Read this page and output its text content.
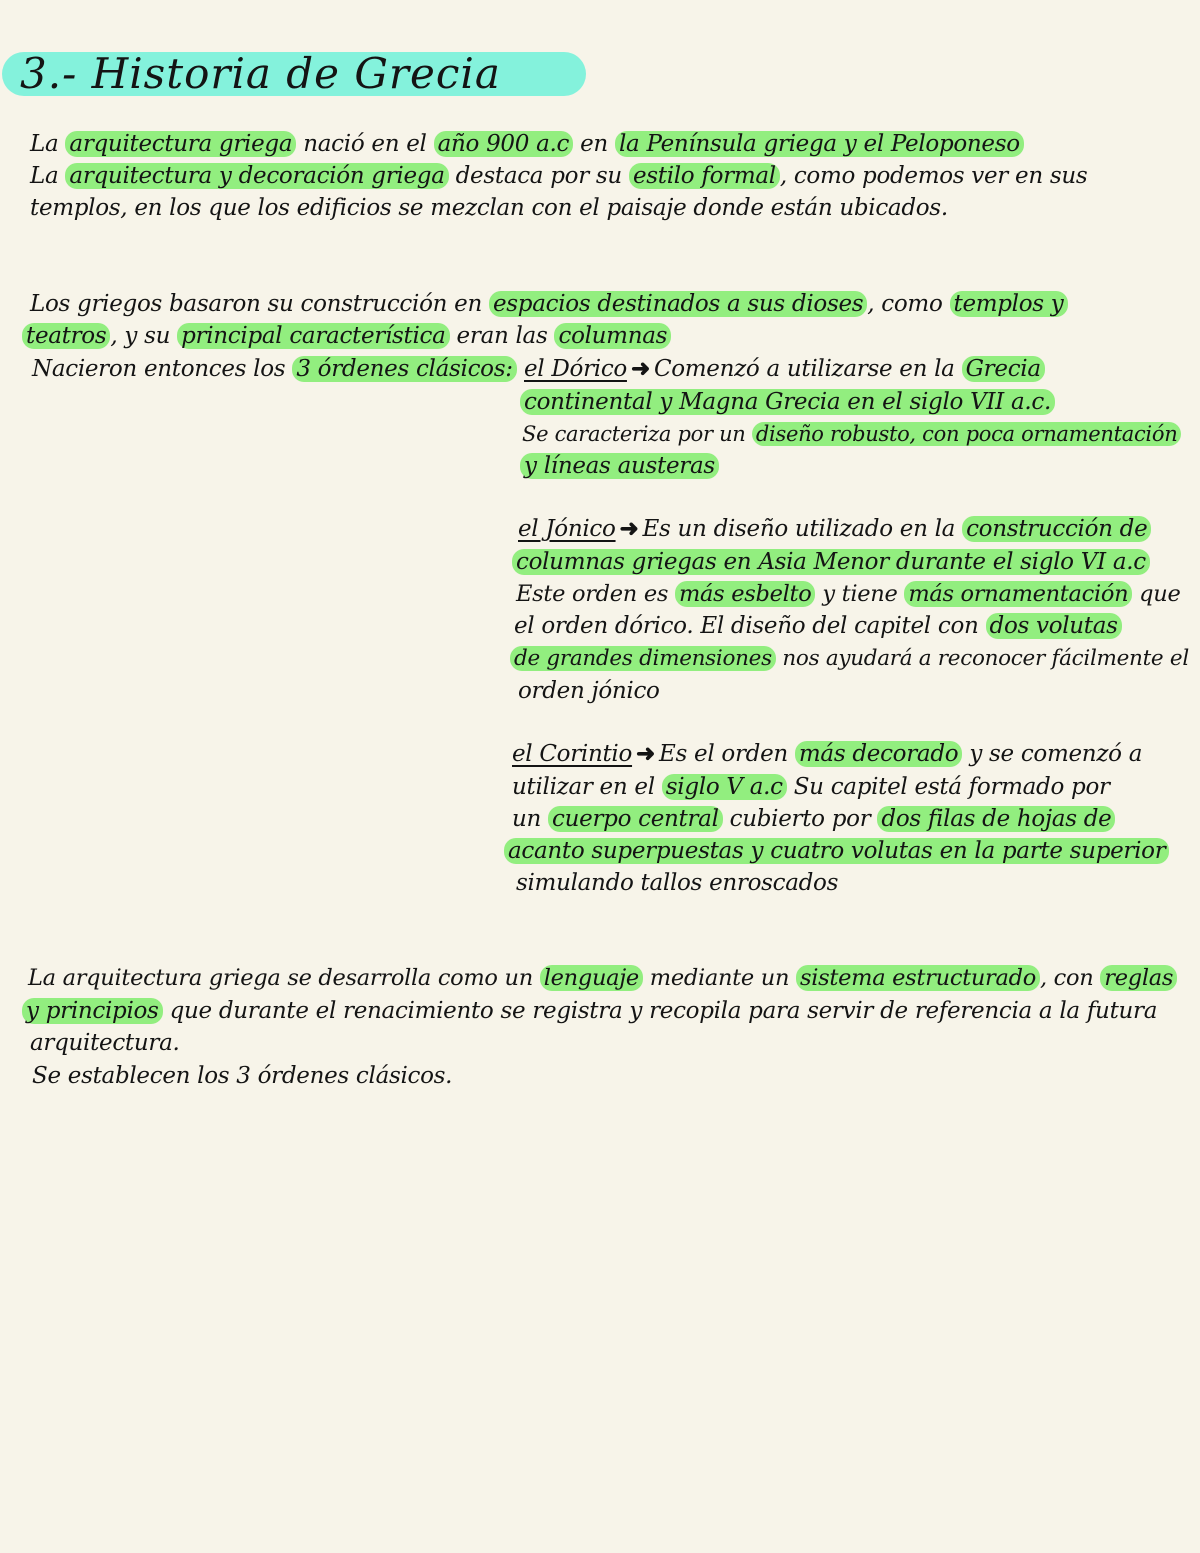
3.- Historia de Grecia

La arquitectura griega nació en el año 900 a.c en la Península griega y el Peloponeso

La arquitectura y decoración griega destaca por su estilo formal , como podemos ver en sus

templos, en los que los edificios se mezclan con el paisaje donde están ubicados.

Los griegos basaron su construcción en espacios destinados a sus dioses , como templos y

teatros , y su principal característica eran las columnas

Nacieron entonces los 3 órdenes clásicos: el Dórico ➜ Comenzó a utilizarse en la Grecia

continental y Magna Grecia en el siglo VII a.c.

Se caracteriza por un diseño robusto, con poca ornamentación

y líneas austeras

el Jónico ➜ Es un diseño utilizado en la construcción de

columnas griegas en Asia Menor durante el siglo VI a.c

Este orden es más esbelto y tiene más ornamentación que

el orden dórico. El diseño del capitel con dos volutas

de grandes dimensiones nos ayudará a reconocer fácilmente el

orden jónico

el Corintio ➜ Es el orden más decorado y se comenzó a

utilizar en el siglo V a.c Su capitel está formado por

un cuerpo central cubierto por dos filas de hojas de

acanto superpuestas y cuatro volutas en la parte superior

simulando tallos enroscados

La arquitectura griega se desarrolla como un lenguaje mediante un sistema estructurado , con reglas

y principios que durante el renacimiento se registra y recopila para servir de referencia a la futura

arquitectura.

Se establecen los 3 órdenes clásicos.
